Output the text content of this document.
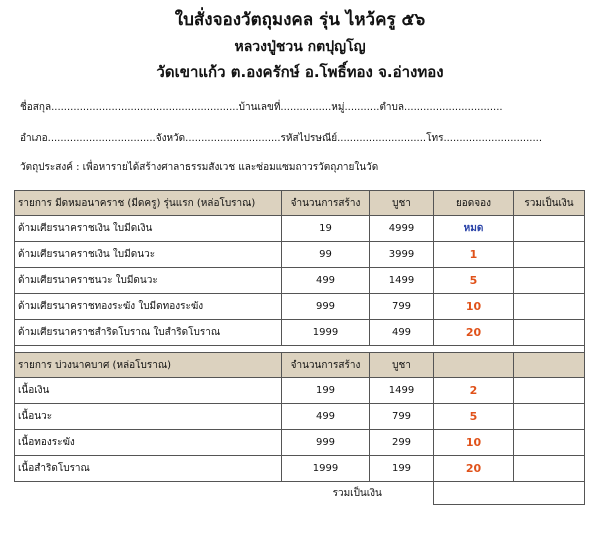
ใบสั่งจองวัตถุมงคล รุ่น ไหว้ครู ๕๖
หลวงปู่ชวน กตปุญโญ
วัดเขาแก้ว ต.องครักษ์ อ.โพธิ์ทอง จ.อ่างทอง
ชื่อสกุล...........................................................บ้านเลขที่................หมู่...........ตำบล...............................
อำเภอ..................................จังหวัด..............................รหัสไปรษณีย์............................โทร...............................
วัตถุประสงค์ : เพื่อหารายได้สร้างศาลาธรรมสังเวช และซ่อมแซมถาวรวัตถุภายในวัด
รายการ มีดหมอนาคราช (มีดครู) รุ่นแรก (หล่อโบราณ)	จำนวนการสร้าง	บูชา	ยอดจอง	รวมเป็นเงิน
ด้ามเศียรนาคราชเงิน ใบมีดเงิน	19	4999	หมด	
ด้ามเศียรนาคราชเงิน ใบมีดนวะ	99	3999	1	
ด้ามเศียรนาคราชนวะ ใบมีดนวะ	499	1499	5	
ด้ามเศียรนาคราชทองระฆัง ใบมีดทองระฆัง	999	799	10	
ด้ามเศียรนาคราชสำริดโบราณ ใบสำริดโบราณ	1999	499	20	

รายการ บ่วงนาคบาศ (หล่อโบราณ)	จำนวนการสร้าง	บูชา		
เนื้อเงิน	199	1499	2	
เนื้อนวะ	499	799	5	
เนื้อทองระฆัง	999	299	10	
เนื้อสำริดโบราณ	1999	199	20	
	รวมเป็นเงิน			
